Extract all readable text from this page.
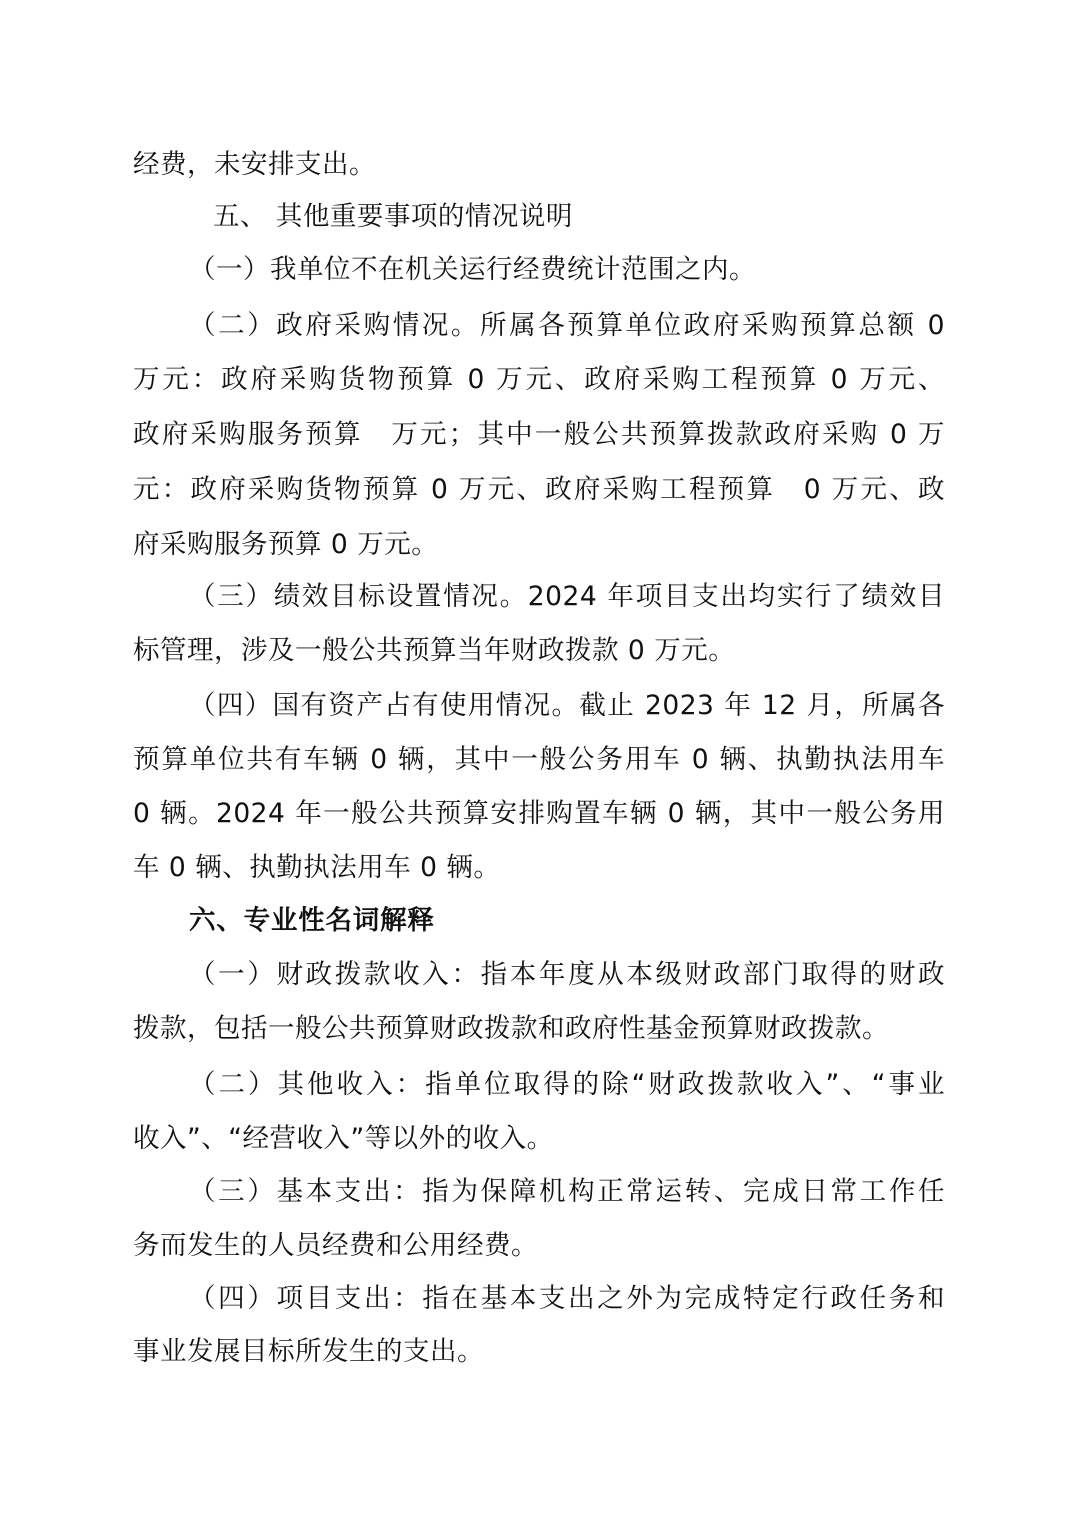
经费，未安排支出。
五、 其他重要事项的情况说明
（一）我单位不在机关运行经费统计范围之内。
（二）政府采购情况。所属各预算单位政府采购预算总额 0
万元：政府采购货物预算 0 万元、政府采购工程预算 0 万元、
政府采购服务预算　万元；其中一般公共预算拨款政府采购 0 万
元：政府采购货物预算 0 万元、政府采购工程预算　0 万元、政
府采购服务预算 0 万元。
（三）绩效目标设置情况。2024 年项目支出均实行了绩效目
标管理，涉及一般公共预算当年财政拨款 0 万元。
（四）国有资产占有使用情况。截止 2023 年 12 月，所属各
预算单位共有车辆 0 辆，其中一般公务用车 0 辆、执勤执法用车
0 辆。2024 年一般公共预算安排购置车辆 0 辆，其中一般公务用
车 0 辆、执勤执法用车 0 辆。
六、专业性名词解释
（一）财政拨款收入：指本年度从本级财政部门取得的财政
拨款，包括一般公共预算财政拨款和政府性基金预算财政拨款。
（二）其他收入：指单位取得的除“财政拨款收入”、“事业
收入”、“经营收入”等以外的收入。
（三）基本支出：指为保障机构正常运转、完成日常工作任
务而发生的人员经费和公用经费。
（四）项目支出：指在基本支出之外为完成特定行政任务和
事业发展目标所发生的支出。
